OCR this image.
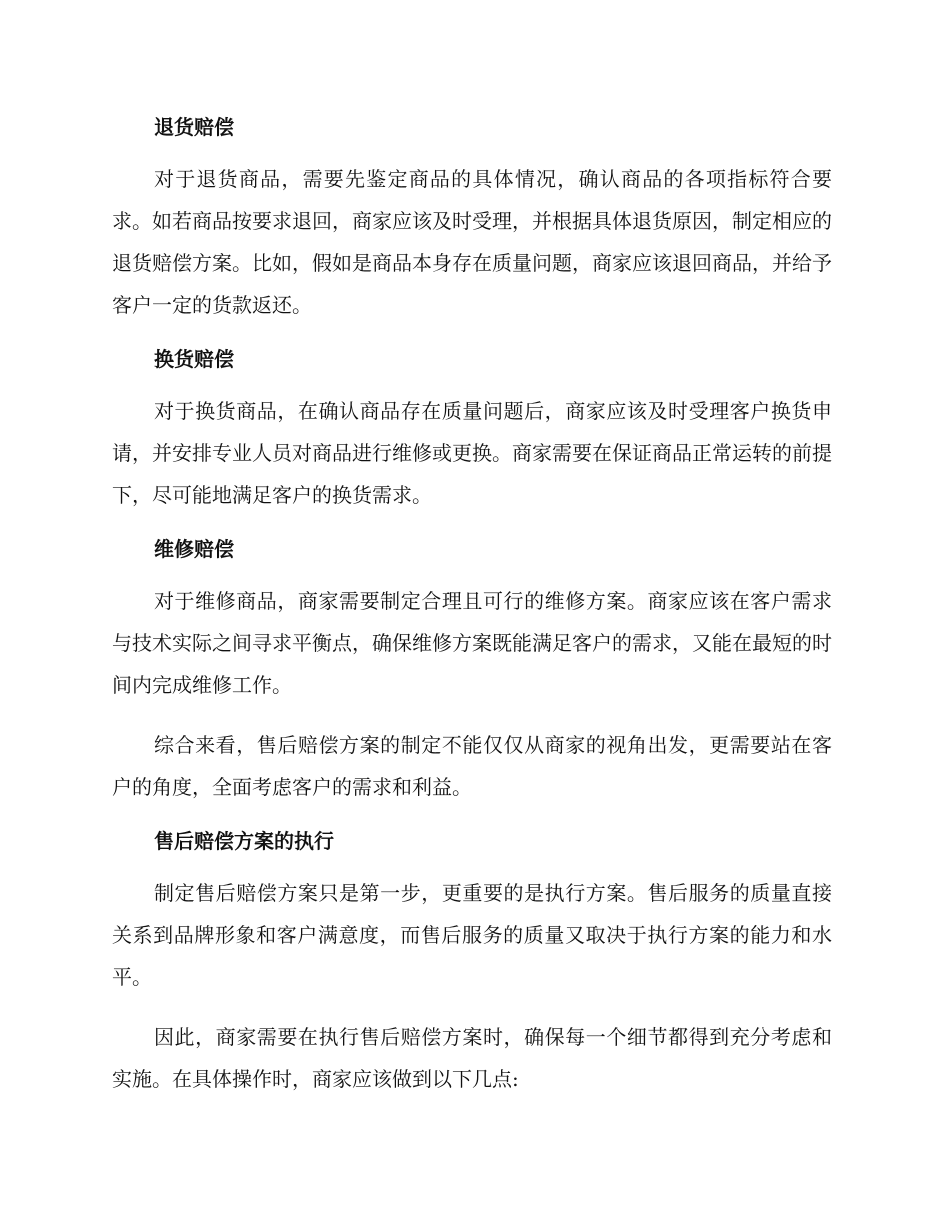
退货赔偿

对于退货商品，需要先鉴定商品的具体情况，确认商品的各项指标符合要求。如若商品按要求退回，商家应该及时受理，并根据具体退货原因，制定相应的退货赔偿方案。比如，假如是商品本身存在质量问题，商家应该退回商品，并给予客户一定的货款返还。

换货赔偿

对于换货商品，在确认商品存在质量问题后，商家应该及时受理客户换货申请，并安排专业人员对商品进行维修或更换。商家需要在保证商品正常运转的前提下，尽可能地满足客户的换货需求。

维修赔偿

对于维修商品，商家需要制定合理且可行的维修方案。商家应该在客户需求与技术实际之间寻求平衡点，确保维修方案既能满足客户的需求，又能在最短的时间内完成维修工作。

综合来看，售后赔偿方案的制定不能仅仅从商家的视角出发，更需要站在客户的角度，全面考虑客户的需求和利益。

售后赔偿方案的执行

制定售后赔偿方案只是第一步，更重要的是执行方案。售后服务的质量直接关系到品牌形象和客户满意度，而售后服务的质量又取决于执行方案的能力和水平。

因此，商家需要在执行售后赔偿方案时，确保每一个细节都得到充分考虑和实施。在具体操作时，商家应该做到以下几点:
